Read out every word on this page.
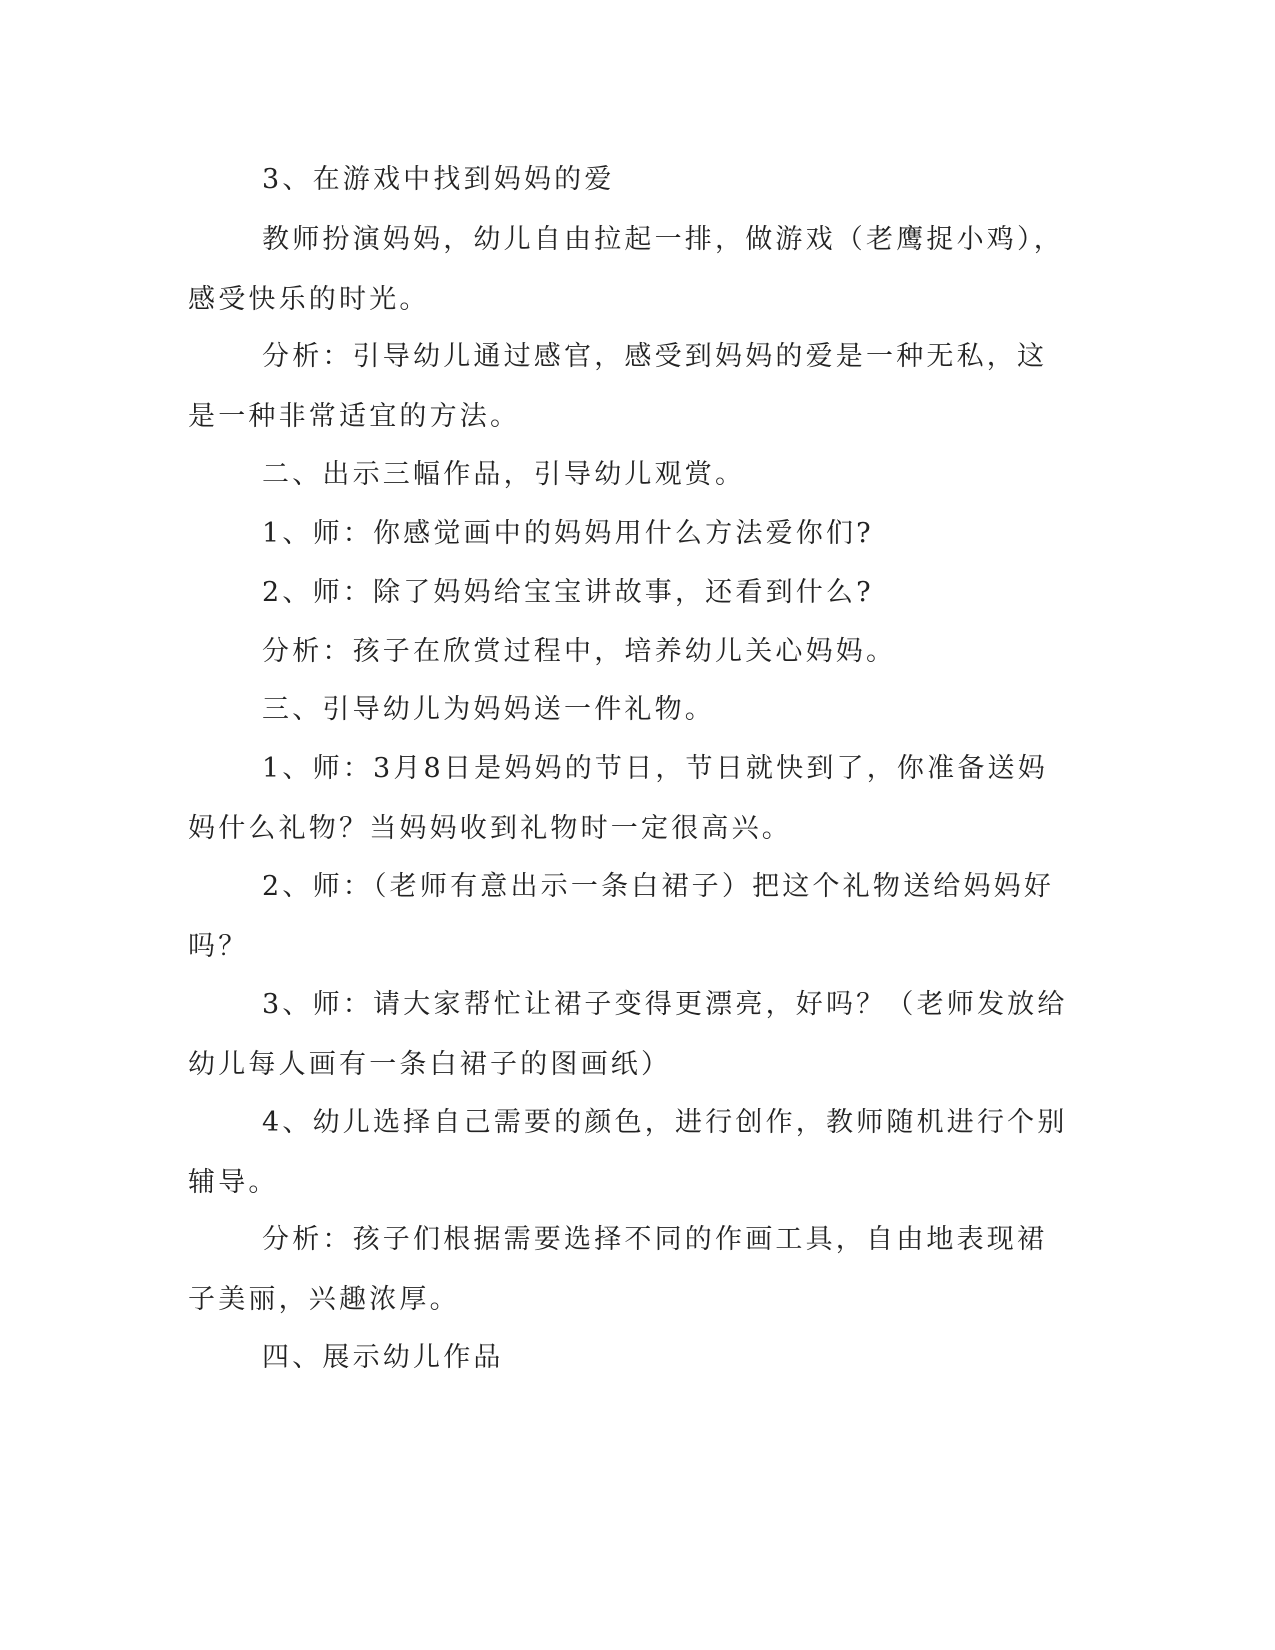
3、在游戏中找到妈妈的爱

教师扮演妈妈，幼儿自由拉起一排，做游戏（老鹰捉小鸡），感受快乐的时光。

分析：引导幼儿通过感官，感受到妈妈的爱是一种无私，这是一种非常适宜的方法。

二、出示三幅作品，引导幼儿观赏。

1、师：你感觉画中的妈妈用什么方法爱你们?

2、师：除了妈妈给宝宝讲故事，还看到什么?

分析：孩子在欣赏过程中，培养幼儿关心妈妈。

三、引导幼儿为妈妈送一件礼物。

1、师：3月8日是妈妈的节日，节日就快到了，你准备送妈妈什么礼物？当妈妈收到礼物时一定很高兴。

2、师：（老师有意出示一条白裙子）把这个礼物送给妈妈好吗？

3、师：请大家帮忙让裙子变得更漂亮，好吗？（老师发放给幼儿每人画有一条白裙子的图画纸）

4、幼儿选择自己需要的颜色，进行创作，教师随机进行个别辅导。

分析：孩子们根据需要选择不同的作画工具，自由地表现裙子美丽，兴趣浓厚。

四、展示幼儿作品
